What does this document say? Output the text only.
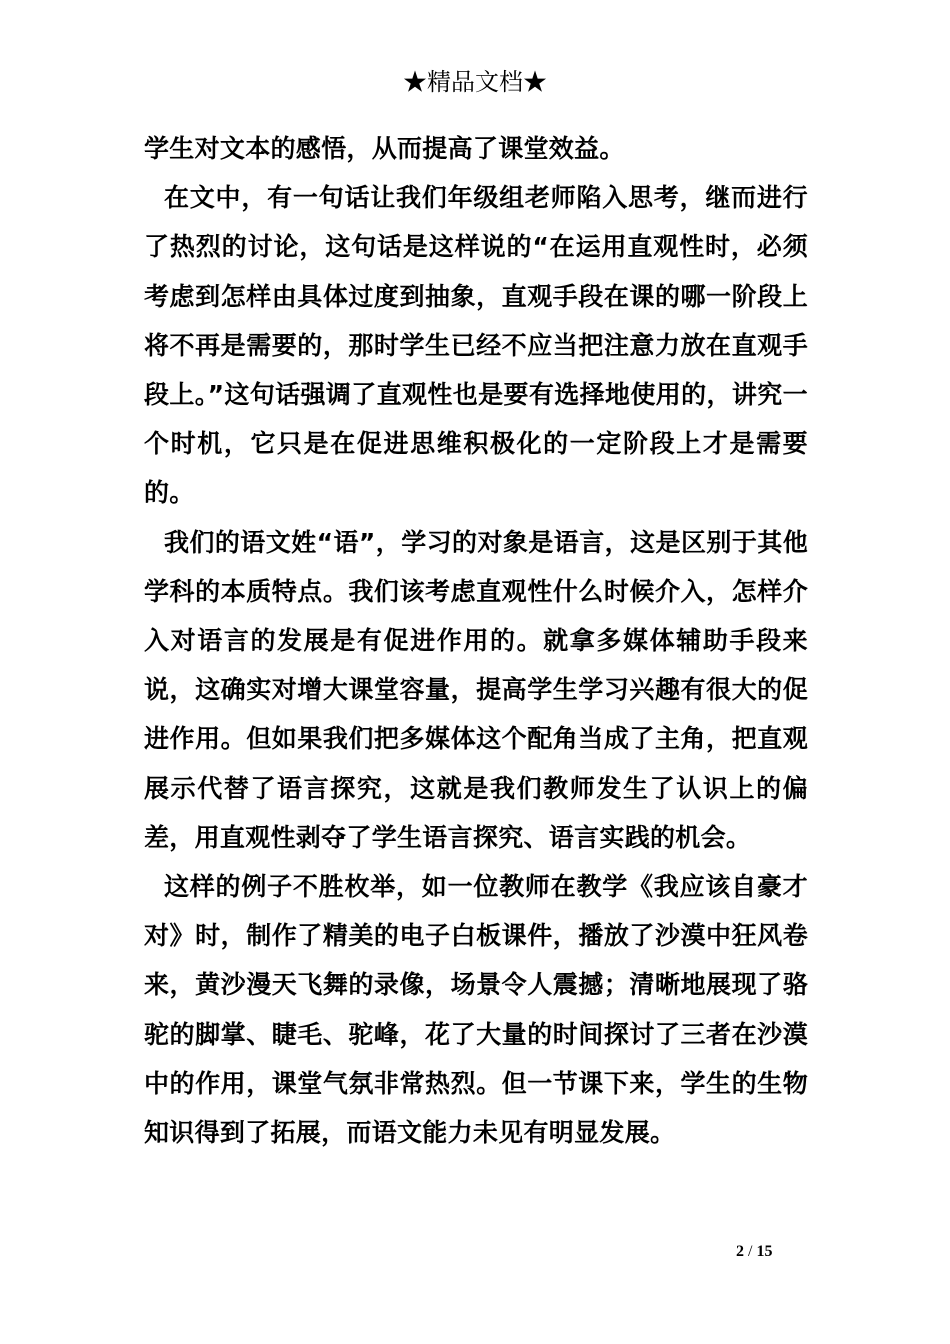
★精品文档★

学生对文本的感悟，从而提高了课堂效益。

在文中，有一句话让我们年级组老师陷入思考，继而进行了热烈的讨论，这句话是这样说的“在运用直观性时，必须考虑到怎样由具体过度到抽象，直观手段在课的哪一阶段上将不再是需要的，那时学生已经不应当把注意力放在直观手段上。”这句话强调了直观性也是要有选择地使用的，讲究一个时机，它只是在促进思维积极化的一定阶段上才是需要的。

我们的语文姓“语”，学习的对象是语言，这是区别于其他学科的本质特点。我们该考虑直观性什么时候介入，怎样介入对语言的发展是有促进作用的。就拿多媒体辅助手段来说，这确实对增大课堂容量，提高学生学习兴趣有很大的促进作用。但如果我们把多媒体这个配角当成了主角，把直观展示代替了语言探究，这就是我们教师发生了认识上的偏差，用直观性剥夺了学生语言探究、语言实践的机会。

这样的例子不胜枚举，如一位教师在教学《我应该自豪才对》时，制作了精美的电子白板课件，播放了沙漠中狂风卷来，黄沙漫天飞舞的录像，场景令人震撼；清晰地展现了骆驼的脚掌、睫毛、驼峰，花了大量的时间探讨了三者在沙漠中的作用，课堂气氛非常热烈。但一节课下来，学生的生物知识得到了拓展，而语文能力未见有明显发展。

2 / 15
